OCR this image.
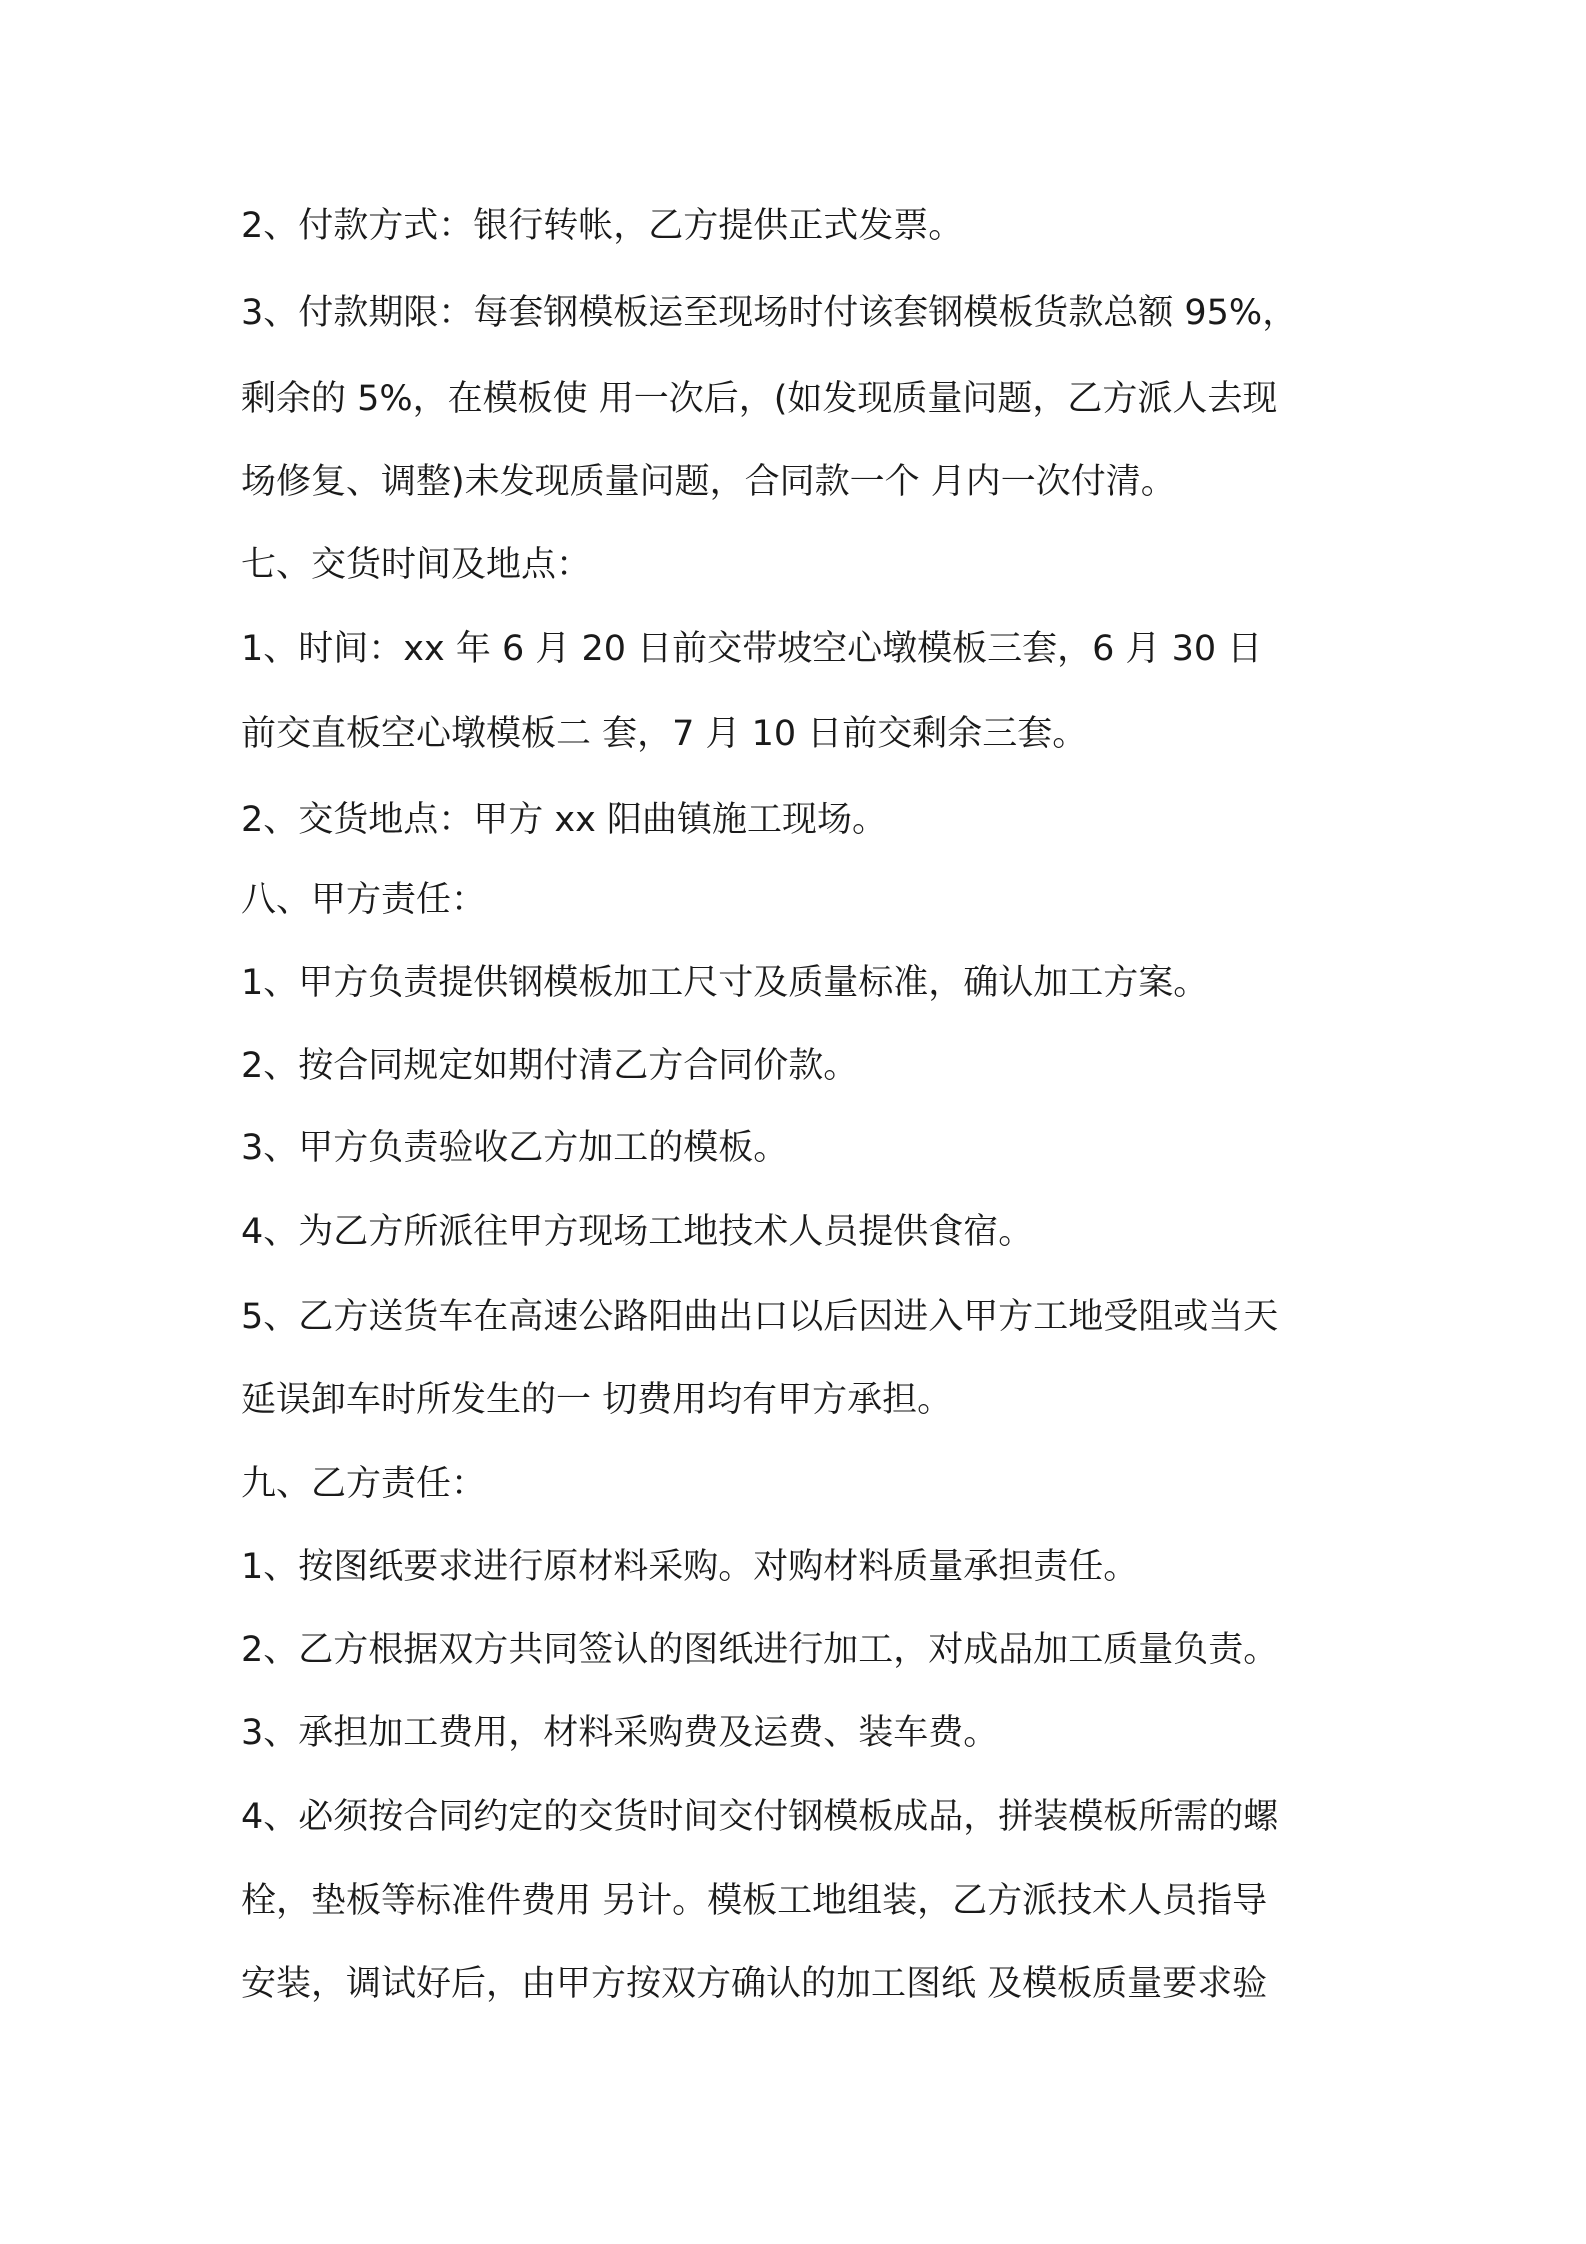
2、付款方式：银行转帐，乙方提供正式发票。
3、付款期限：每套钢模板运至现场时付该套钢模板货款总额 95%，
剩余的 5%，在模板使 用一次后，(如发现质量问题，乙方派人去现
场修复、调整)未发现质量问题，合同款一个 月内一次付清。
七、交货时间及地点：
1、时间：xx 年 6 月 20 日前交带坡空心墩模板三套，6 月 30 日
前交直板空心墩模板二 套，7 月 10 日前交剩余三套。
2、交货地点：甲方 xx 阳曲镇施工现场。
八、甲方责任：
1、甲方负责提供钢模板加工尺寸及质量标准，确认加工方案。
2、按合同规定如期付清乙方合同价款。
3、甲方负责验收乙方加工的模板。
4、为乙方所派往甲方现场工地技术人员提供食宿。
5、乙方送货车在高速公路阳曲出口以后因进入甲方工地受阻或当天
延误卸车时所发生的一 切费用均有甲方承担。
九、乙方责任：
1、按图纸要求进行原材料采购。对购材料质量承担责任。
2、乙方根据双方共同签认的图纸进行加工，对成品加工质量负责。
3、承担加工费用，材料采购费及运费、装车费。
4、必须按合同约定的交货时间交付钢模板成品，拼装模板所需的螺
栓，垫板等标准件费用 另计。模板工地组装，乙方派技术人员指导
安装，调试好后，由甲方按双方确认的加工图纸 及模板质量要求验
